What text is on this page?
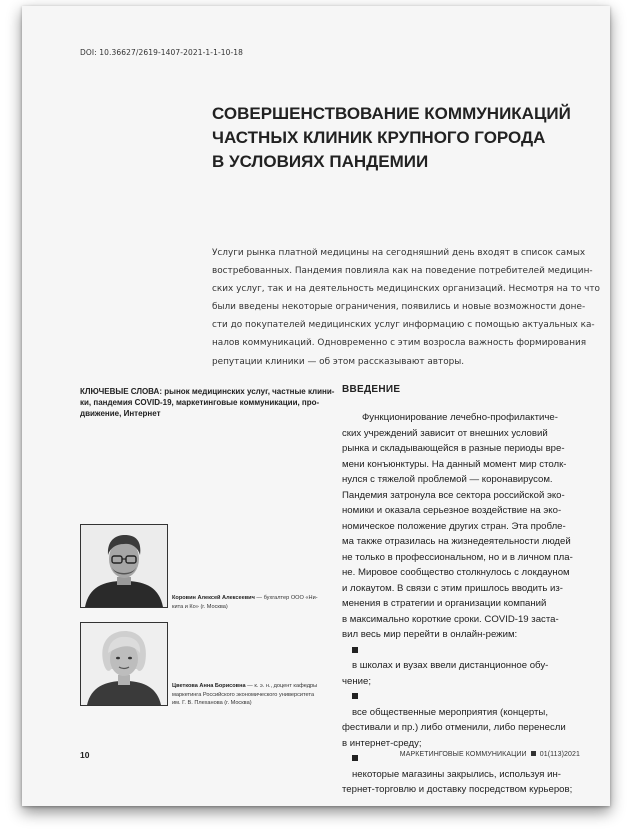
DOI: 10.36627/2619-1407-2021-1-1-10-18
СОВЕРШЕНСТВОВАНИЕ КОММУНИКАЦИЙ
ЧАСТНЫХ КЛИНИК КРУПНОГО ГОРОДА
В УСЛОВИЯХ ПАНДЕМИИ
Услуги рынка платной медицины на сегодняшний день входят в список самых
востребованных. Пандемия повлияла как на поведение потребителей медицин-
ских услуг, так и на деятельность медицинских организаций. Несмотря на то что
были введены некоторые ограничения, появились и новые возможности доне-
сти до покупателей медицинских услуг информацию с помощью актуальных ка-
налов коммуникаций. Одновременно с этим возросла важность формирования
репутации клиники — об этом рассказывают авторы.
КЛЮЧЕВЫЕ СЛОВА: рынок медицинских услуг, частные клини-
ки, пандемия COVID-19, маркетинговые коммуникации, про-
движение, Интернет
Коровин Алексей Алексеевич — бухгалтер ООО «Ни-
кита и Ко» (г. Москва)
Цветкова Анна Борисовна — к. э. н., доцент кафедры
маркетинга Российского экономического университета
им. Г. В. Плеханова (г. Москва)
ВВЕДЕНИЕ
Функционирование лечебно-профилактиче-
ских учреждений зависит от внешних условий
рынка и складывающейся в разные периоды вре-
мени конъюнктуры. На данный момент мир столк-
нулся с тяжелой проблемой — коронавирусом.
Пандемия затронула все сектора российской эко-
номики и оказала серьезное воздействие на эко-
номическое положение других стран. Эта пробле-
ма также отразилась на жизнедеятельности людей
не только в профессиональном, но и в личном пла-
не. Мировое сообщество столкнулось с локдауном
и локаутом. В связи с этим пришлось вводить из-
менения в стратегии и организации компаний
в максимально короткие сроки. COVID-19 заста-
вил весь мир перейти в онлайн-режим:
в школах и вузах ввели дистанционное обу-
чение;
все общественные мероприятия (концерты,
фестивали и пр.) либо отменили, либо перенесли
в интернет-среду;
некоторые магазины закрылись, используя ин-
тернет-торговлю и доставку посредством курьеров;
10	МАРКЕТИНГОВЫЕ КОММУНИКАЦИИ 01(113)2021
